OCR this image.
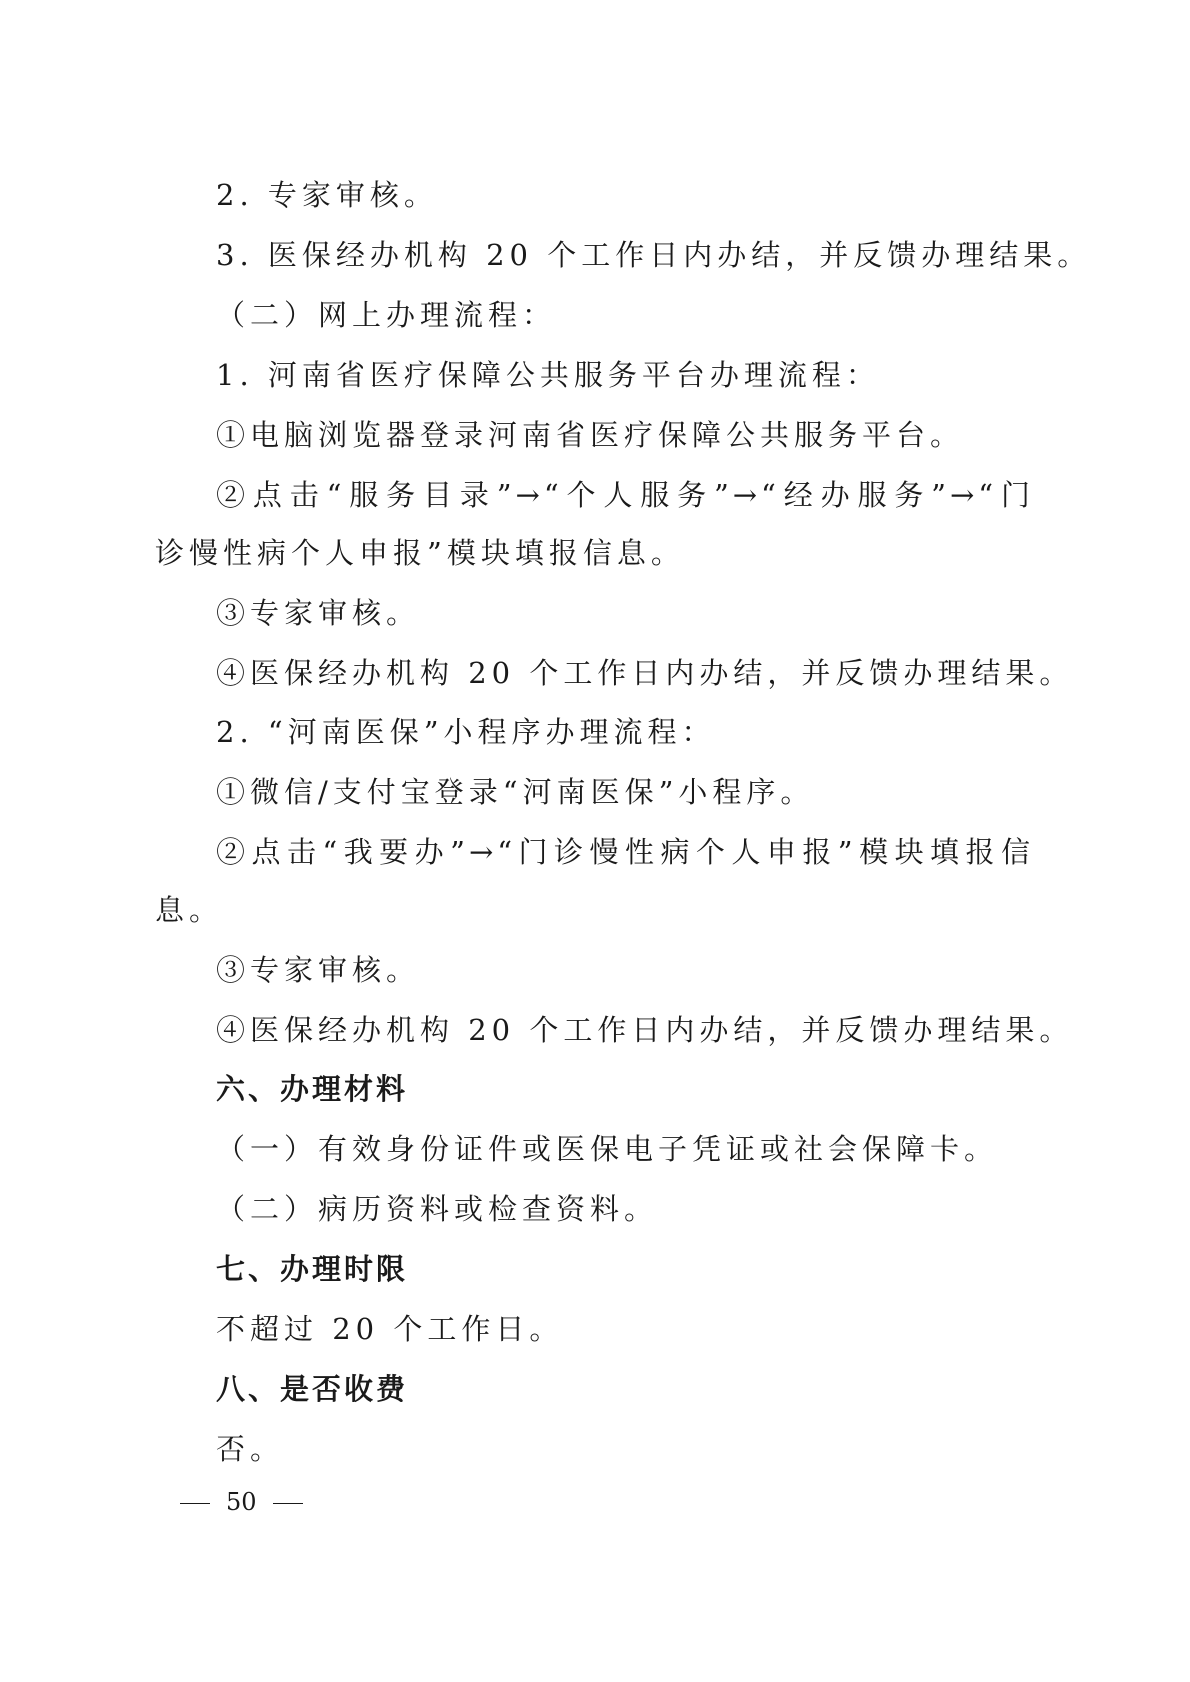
2. 专家审核。
3. 医保经办机构 20 个工作日内办结，并反馈办理结果。
（二）网上办理流程：
1. 河南省医疗保障公共服务平台办理流程：
①电脑浏览器登录河南省医疗保障公共服务平台。
②点击“服务目录”→“个人服务”→“经办服务”→“门
诊慢性病个人申报”模块填报信息。
③专家审核。
④医保经办机构 20 个工作日内办结，并反馈办理结果。
2. “河南医保”小程序办理流程：
①微信/支付宝登录“河南医保”小程序。
②点击“我要办”→“门诊慢性病个人申报”模块填报信
息。
③专家审核。
④医保经办机构 20 个工作日内办结，并反馈办理结果。
六、办理材料
（一）有效身份证件或医保电子凭证或社会保障卡。
（二）病历资料或检查资料。
七、办理时限
不超过 20 个工作日。
八、是否收费
否。
50
